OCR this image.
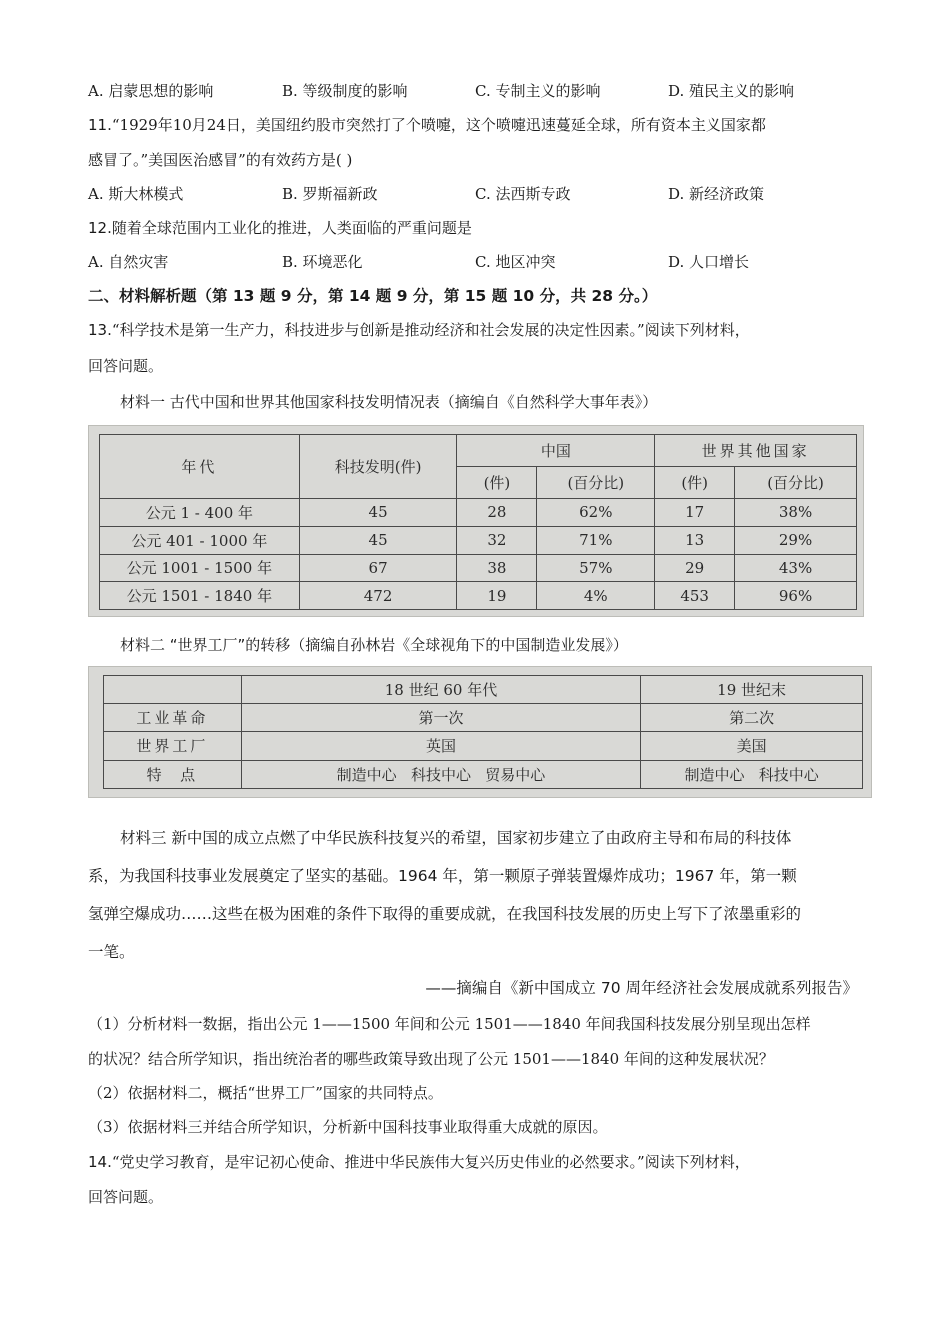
A. 启蒙思想的影响	B. 等级制度的影响	C. 专制主义的影响	D. 殖民主义的影响
11.“1929年10月24日，美国纽约股市突然打了个喷嚏，这个喷嚏迅速蔓延全球，所有资本主义国家都
感冒了。”美国医治感冒”的有效药方是( )
A. 斯大林模式	B. 罗斯福新政	C. 法西斯专政	D. 新经济政策
12.随着全球范围内工业化的推进，人类面临的严重问题是
A. 自然灾害	B. 环境恶化	C. 地区冲突	D. 人口增长
二、材料解析题（第 13 题 9 分，第 14 题 9 分，第 15 题 10 分，共 28 分。）
13.“科学技术是第一生产力，科技进步与创新是推动经济和社会发展的决定性因素。”阅读下列材料，
回答问题。
材料一 古代中国和世界其他国家科技发明情况表（摘编自《自然科学大事年表》）
年代	科技发明(件)	中国		世界其他国家	
		(件)	(百分比)	(件)	(百分比)
公元 1 - 400 年	45	28	62%	17	38%
公元 401 - 1000 年	45	32	71%	13	29%
公元 1001 - 1500 年	67	38	57%	29	43%
公元 1501 - 1840 年	472	19	4%	453	96%
材料二 “世界工厂”的转移（摘编自孙林岩《全球视角下的中国制造业发展》）
	18 世纪 60 年代	19 世纪末
工业革命	第一次	第二次
世界工厂	英国	美国
特  点	制造中心   科技中心   贸易中心	制造中心   科技中心
材料三 新中国的成立点燃了中华民族科技复兴的希望，国家初步建立了由政府主导和布局的科技体
系，为我国科技事业发展奠定了坚实的基础。1964 年，第一颗原子弹装置爆炸成功；1967 年，第一颗
氢弹空爆成功……这些在极为困难的条件下取得的重要成就，在我国科技发展的历史上写下了浓墨重彩的
一笔。
——摘编自《新中国成立 70 周年经济社会发展成就系列报告》
（1）分析材料一数据，指出公元 1——1500 年间和公元 1501——1840 年间我国科技发展分别呈现出怎样
的状况？结合所学知识，指出统治者的哪些政策导致出现了公元 1501——1840 年间的这种发展状况？
（2）依据材料二，概括“世界工厂”国家的共同特点。
（3）依据材料三并结合所学知识，分析新中国科技事业取得重大成就的原因。
14.“党史学习教育，是牢记初心使命、推进中华民族伟大复兴历史伟业的必然要求。”阅读下列材料，
回答问题。
